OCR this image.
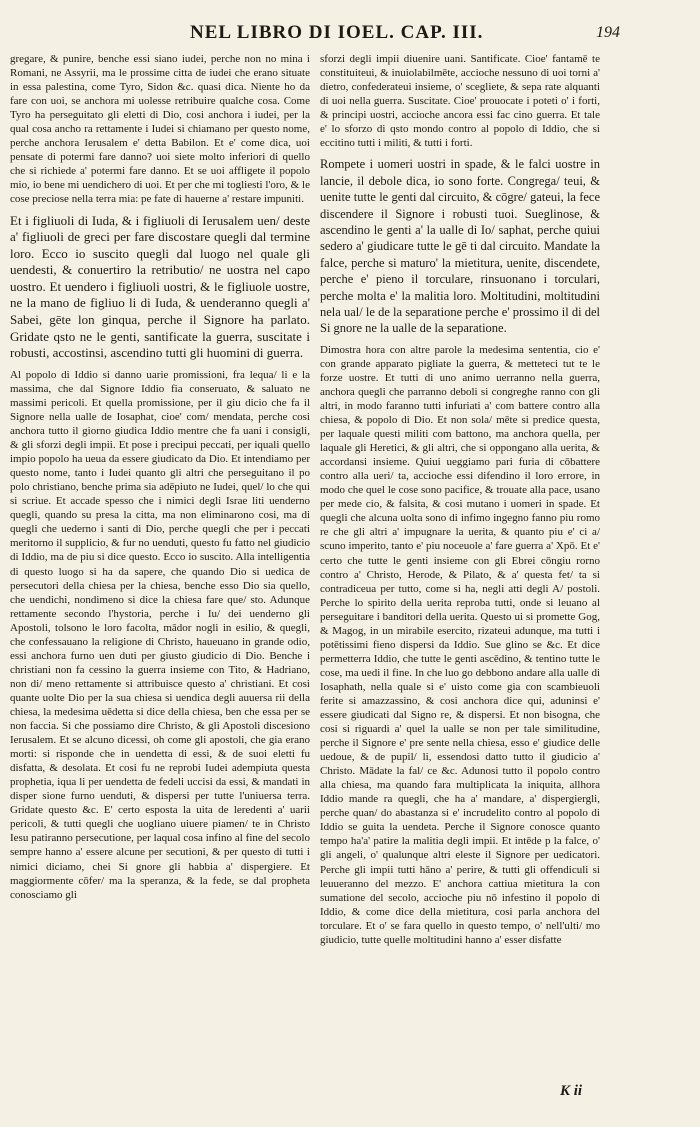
NEL LIBRO DI IOEL. CAP. III.	194

gregare, & punire, benche essi siano iudei, perche non no mina i Romani, ne Assyrii, ma le prossime citta de iudei che erano situate in essa palestina, come Tyro, Sidon &c. quasi dica. Niente ho da fare con uoi, se anchora mi uolesse retribuire qualche cosa. Come Tyro ha perseguitato gli eletti di Dio, cosi anchora i iudei, per la qual cosa ancho ra rettamente i Iudei si chiamano per questo nome, perche anchora Ierusalem e' detta Babilon. Et e' come dica, uoi pensate di potermi fare danno? uoi siete molto inferiori di quello che si richiede a' potermi fare danno. Et se uoi affligete il popolo mio, io bene mi uendichero di uoi. Et per che mi togliesti l'oro, & le cose preciose nella terra mia: pe fate di hauerne a' restare impuniti.

Et i figliuoli di Iuda, & i figliuoli di Ierusalem uen/ deste a' figliuoli de greci per fare discostare quegli dal termine loro. Ecco io suscito quegli dal luogo nel quale gli uendesti, & conuertiro la retributio/ ne uostra nel capo uostro. Et uendero i figliuoli uostri, & le figliuole uostre, ne la mano de figliuo li di Iuda, & uenderanno quegli a' Sabei, gēte lon ginqua, perche il Signore ha parlato. Gridate qsto ne le genti, santificate la guerra, suscitate i robusti, accostinsi, ascendino tutti gli huomini di guerra.

Al popolo di Iddio si danno uarie promissioni, fra lequa/ li e la massima, che dal Signore Iddio fia conseruato, & saluato ne massimi pericoli. Et quella promissione, per il giu dicio che fa il Signore nella ualle de Iosaphat, cioe' com/ mendata, perche cosi anchora tutto il giorno giudica Iddio mentre che fa uani i consigli, & gli sforzi degli impii. Et pose i precipui peccati, per iquali quello impio popolo ha ueua da essere giudicato da Dio. Et intendiamo per questo nome, tanto i Iudei quanto gli altri che perseguitano il po polo christiano, benche prima sia adēpiuto ne Iudei, quel/ lo che qui si scriue. Et accade spesso che i nimici degli Israe liti uenderno quegli, quando su presa la citta, ma non eliminarono cosi, ma di quegli che uederno i santi di Dio, perche quegli che per i peccati meritorno il supplicio, & fur no uenduti, questo fu fatto nel giudicio di Iddio, ma de piu si dice questo. Ecco io suscito. Alla intelligentia di questo luogo si ha da sapere, che quando Dio si uedica de persecutori della chiesa per la chiesa, benche esso Dio sia quello, che uendichi, nondimeno si dice la chiesa fare que/ sto. Adunque rettamente secondo l'hystoria, perche i Iu/ dei uenderno gli Apostoli, tolsono le loro facolta, mādor nogli in esilio, & quegli, che confessauano la religione di Christo, haueuano in grande odio, essi anchora furno uen duti per giusto giudicio di Dio. Benche i christiani non fa cessino la guerra insieme con Tito, & Hadriano, non di/ meno rettamente si attribuisce questo a' christiani. Et cosi quante uolte Dio per la sua chiesa si uendica degli auuersa rii della chiesa, la medesima uēdetta si dice della chiesa, ben che essa per se non faccia. Si che possiamo dire Christo, & gli Apostoli discesiono Ierusalem. Et se alcuno dicessi, oh come gli apostoli, che gia erano morti: si risponde che in uendetta di essi, & de suoi eletti fu disfatta, & desolata. Et cosi fu ne reprobi Iudei adempiuta questa prophetia, iqua li per uendetta de fedeli uccisi da essi, & mandati in disper sione furno uenduti, & dispersi per tutte l'uniuersa terra. Gridate questo &c. E' certo esposta la uita de leredenti a' uarii pericoli, & tutti quegli che uogliano uiuere piamen/ te in Christo Iesu patiranno persecutione, per laqual cosa infino al fine del secolo sempre hanno a' essere alcune per secutioni, & per questo di tutti i nimici diciamo, chei Si gnore gli habbia a' dispergiere. Et maggiormente cōfer/ ma la speranza, & la fede, se dal propheta conosciamo gli

sforzi degli impii diuenire uani. Santificate. Cioe' fantamē te constituiteui, & inuiolabilmēte, accioche nessuno di uoi torni a' dietro, confederateui insieme, o' scegliete, & sepa rate alquanti di uoi nella guerra. Suscitate. Cioe' prouocate i poteti o' i forti, & principi uostri, accioche ancora essi fac cino guerra. Et tale e' lo sforzo di qsto mondo contro al popolo di Iddio, che si eccitino tutti i militi, & tutti i forti.

Rompete i uomeri uostri in spade, & le falci uostre in lancie, il debole dica, io sono forte. Congrega/ teui, & uenite tutte le genti dal circuito, & cōgre/ gateui, la fece discendere il Signore i robusti tuoi. Sueglinose, & ascendino le genti a' la ualle di Io/ saphat, perche quiui sedero a' giudicare tutte le gē ti dal circuito. Mandate la falce, perche si maturo' la mietitura, uenite, discendete, perche e' pieno il torculare, rinsuonano i torculari, perche molta e' la malitia loro. Moltitudini, moltitudini nela ual/ le de la separatione perche e' prossimo il di del Si gnore ne la ualle de la separatione.

Dimostra hora con altre parole la medesima sententia, cio e' con grande apparato pigliate la guerra, & metteteci tut te le forze uostre. Et tutti di uno animo uerranno nella guerra, anchora quegli che parranno deboli si congreghe ranno con gli altri, in modo faranno tutti infuriati a' com battere contro alla chiesa, & popolo di Dio. Et non sola/ mēte si predice questa, per laquale questi militi com battono, ma anchora quella, per laquale gli Heretici, & gli altri, che si oppongano alla uerita, & accordansi insieme. Quiui ueggiamo pari furia di cōbattere contro alla ueri/ ta, accioche essi difendino il loro errore, in modo che quel le cose sono pacifice, & trouate alla pace, usano per mede cio, & falsita, & cosi mutano i uomeri in spade. Et quegli che alcuna uolta sono di infimo ingegno fanno piu romo re che gli altri a' impugnare la uerita, & quanto piu e' ci a/ scuno imperito, tanto e' piu noceuole a' fare guerra a' Xpō. Et e' certo che tutte le genti insieme con gli Ebrei cōngiu rorno contro a' Christo, Herode, & Pilato, & a' questa fet/ ta si contradiceua per tutto, come si ha, negli atti degli A/ postoli. Perche lo spirito della uerita reproba tutti, onde si leuano al perseguitare i banditori della uerita. Questo ui si promette Gog, & Magog, in un mirabile esercito, rizateui adunque, ma tutti i potētissimi fieno dispersi da Iddio. Sue glino se &c. Et dice permetterra Iddio, che tutte le genti ascēdino, & tentino tutte le cose, ma uedi il fine. In che luo go debbono andare alla ualle di Iosaphath, nella quale si e' uisto come gia con scambieuoli ferite si amazzassino, & cosi anchora dice qui, aduninsi e' essere giudicati dal Signo re, & dispersi. Et non bisogna, che cosi si riguardi a' quel la ualle se non per tale similitudine, perche il Signore e' pre sente nella chiesa, esso e' giudice delle uedoue, & de pupil/ li, essendosi datto tutto il giudicio a' Christo. Mādate la fal/ ce &c. Adunosi tutto il popolo contro alla chiesa, ma quando fara multiplicata la iniquita, allhora Iddio mande ra quegli, che ha a' mandare, a' dispergiergli, perche quan/ do abastanza si e' incrudelito contro al popolo di Iddio se guita la uendeta. Perche il Signore conosce quanto tempo ha'a' patire la malitia degli impii. Et intēde p la falce, o' gli angeli, o' qualunque altri eleste il Signore per uedicatori. Perche gli impii tutti hāno a' perire, & tutti gli offendiculi si leuueranno del mezzo. E' anchora cattiua mietitura la con sumatione del secolo, accioche piu nō infestino il popolo di Iddio, & come dice della mietitura, cosi parla anchora del torculare. Et o' se fara quello in questo tempo, o' nell'ulti/ mo giudicio, tutte quelle moltitudini hanno a' esser disfatte

K ii
